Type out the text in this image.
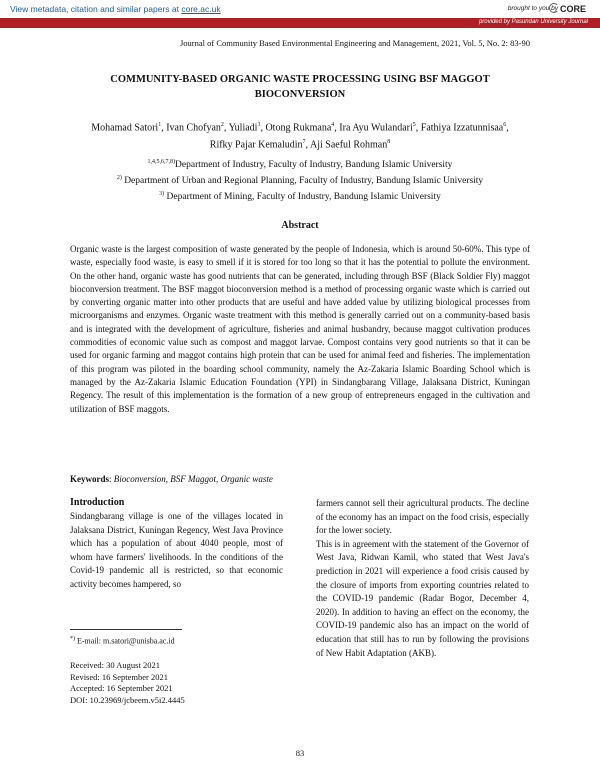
View metadata, citation and similar papers at core.ac.uk	brought to you by CORE
provided by Pasundan University Journal
Journal of Community Based Environmental Engineering and Management, 2021, Vol. 5, No. 2: 83-90
COMMUNITY-BASED ORGANIC WASTE PROCESSING USING BSF MAGGOT
BIOCONVERSION
Mohamad Satori$^1$, Ivan Chofyan$^2$, Yuliadi$^3$, Otong Rukmana$^4$, Ira Ayu Wulandari$^5$, Fathiya Izzatunnisaa$^6$,
Rifky Pajar Kemaludin$^7$, Aji Saeful Rohman$^8$
$^{1,4,5,6,7,8)}$Department of Industry, Faculty of Industry, Bandung Islamic University
$^{2)}$ Department of Urban and Regional Planning, Faculty of Industry, Bandung Islamic University
$^{3)}$ Department of Mining, Faculty of Industry, Bandung Islamic University
Abstract

Organic waste is the largest composition of waste generated by the people of Indonesia, which is around 50-60%. This type of waste, especially food waste, is easy to smell if it is stored for too long so that it has the potential to pollute the environment. On the other hand, organic waste has good nutrients that can be generated, including through BSF (Black Soldier Fly) maggot bioconversion treatment. The BSF maggot bioconversion method is a method of processing organic waste which is carried out by converting organic matter into other products that are useful and have added value by utilizing biological processes from microorganisms and enzymes. Organic waste treatment with this method is generally carried out on a community-based basis and is integrated with the development of agriculture, fisheries and animal husbandry, because maggot cultivation produces commodities of economic value such as compost and maggot larvae. Compost contains very good nutrients so that it can be used for organic farming and maggot contains high protein that can be used for animal feed and fisheries. The implementation of this program was piloted in the boarding school community, namely the Az-Zakaria Islamic Boarding School which is managed by the Az-Zakaria Islamic Education Foundation (YPI) in Sindangbarang Village, Jalaksana District, Kuningan Regency. The result of this implementation is the formation of a new group of entrepreneurs engaged in the cultivation and utilization of BSF maggots.

Keywords: Bioconversion, BSF Maggot, Organic waste
Introduction

Sindangbarang village is one of the villages located in Jalaksana District, Kuningan Regency, West Java Province which has a population of about 4040 people, most of whom have farmers' livelihoods. In the conditions of the Covid-19 pandemic all is restricted, so that economic activity becomes hampered, so

farmers cannot sell their agricultural products. The decline of the economy has an impact on the food crisis, especially for the lower society.

This is in agreement with the statement of the Governor of West Java, Ridwan Kamil, who stated that West Java's prediction in 2021 will experience a food crisis caused by the closure of imports from exporting countries related to the COVID-19 pandemic (Radar Bogor, December 4, 2020). In addition to having an effect on the economy, the COVID-19 pandemic also has an impact on the world of education that still has to run by following the provisions of New Habit Adaptation (AKB).

*) E-mail: m.satori@unisba.ac.id
Received: 30 August 2021
Revised: 16 September 2021
Accepted: 16 September 2021
DOI: 10.23969/jcbeem.v5i2.4445
83
